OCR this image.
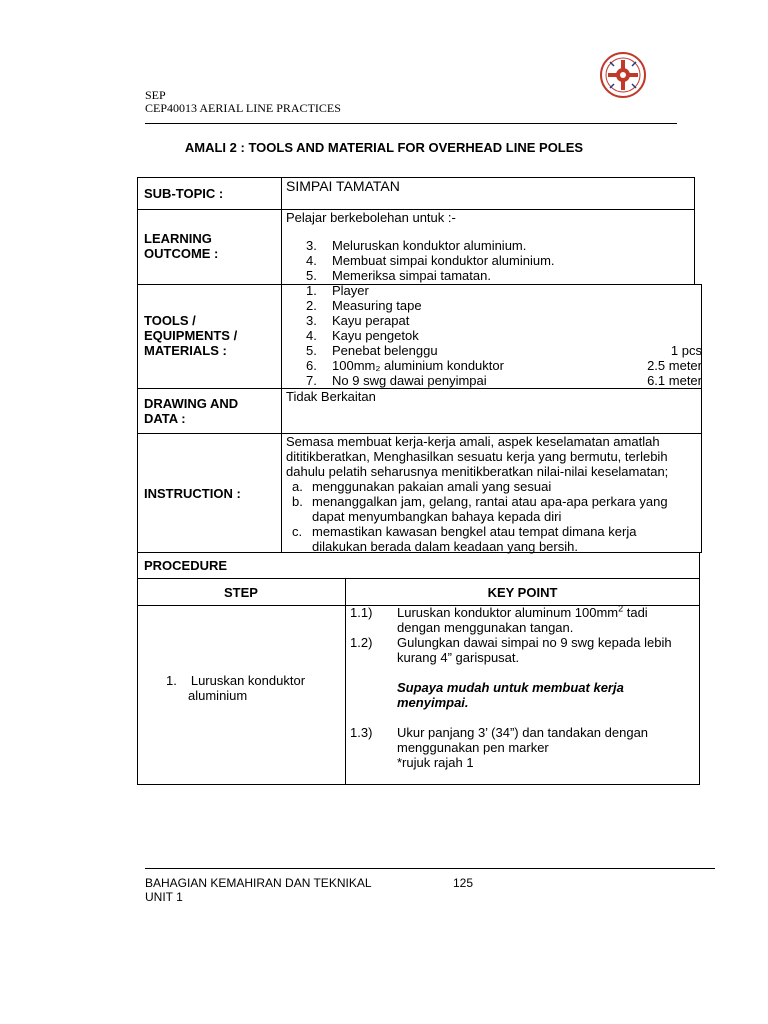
SEP
CEP40013 AERIAL LINE PRACTICES
AMALI 2 : TOOLS AND MATERIAL FOR OVERHEAD LINE POLES
SUB-TOPIC :	SIMPAI TAMATAN
LEARNING
OUTCOME :
Pelajar berkebolehan untuk :-
3.	Meluruskan konduktor aluminium.
4.	Membuat simpai konduktor aluminium.
5.	Memeriksa simpai tamatan.
TOOLS /
EQUIPMENTS /
MATERIALS :
1.	Player
2.	Measuring tape
3.	Kayu perapat
4.	Kayu pengetok
5.	Penebat belenggu	1 pcs
6.	100mm₂ aluminium konduktor	2.5 meter
7.	No 9 swg dawai penyimpai	6.1 meter
DRAWING AND
DATA :
Tidak Berkaitan
INSTRUCTION :
Semasa membuat kerja-kerja amali, aspek keselamatan amatlah
dititikberatkan, Menghasilkan sesuatu kerja yang bermutu, terlebih
dahulu pelatih seharusnya menitikberatkan nilai-nilai keselamatan;
a. menggunakan pakaian amali yang sesuai
b. menanggalkan jam, gelang, rantai atau apa-apa perkara yang
dapat menyumbangkan bahaya kepada diri
c. memastikan kawasan bengkel atau tempat dimana kerja
dilakukan berada dalam keadaan yang bersih.
PROCEDURE
STEP	KEY POINT
1. Luruskan konduktor
aluminium
1.1)	Luruskan konduktor aluminum $100mm^2$ tadi
dengan menggunakan tangan.
1.2)	Gulungkan dawai simpai no 9 swg kepada lebih
kurang 4” garispusat.
Supaya mudah untuk membuat kerja
menyimpai.
1.3)	Ukur panjang 3’ (34”) dan tandakan dengan
menggunakan pen marker
*rujuk rajah 1
BAHAGIAN KEMAHIRAN DAN TEKNIKAL
UNIT 1
125
